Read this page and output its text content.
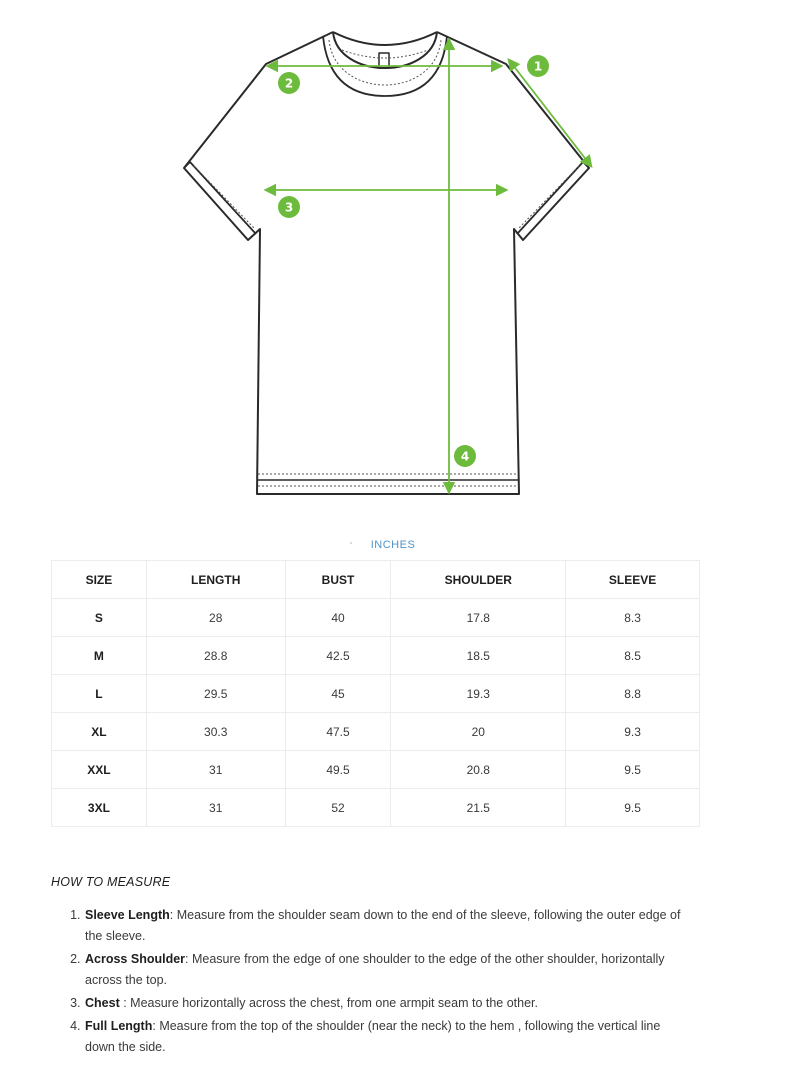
1
2
3
4
INCHES
SIZE	LENGTH	BUST	SHOULDER	SLEEVE
S	28	40	17.8	8.3
M	28.8	42.5	18.5	8.5
L	29.5	45	19.3	8.8
XL	30.3	47.5	20	9.3
XXL	31	49.5	20.8	9.5
3XL	31	52	21.5	9.5
HOW TO MEASURE
1. Sleeve Length: Measure from the shoulder seam down to the end of the sleeve, following the outer edge of the sleeve.
2. Across Shoulder: Measure from the edge of one shoulder to the edge of the other shoulder, horizontally across the top.
3. Chest : Measure horizontally across the chest, from one armpit seam to the other.
4. Full Length: Measure from the top of the shoulder (near the neck) to the hem , following the vertical line down the side.
